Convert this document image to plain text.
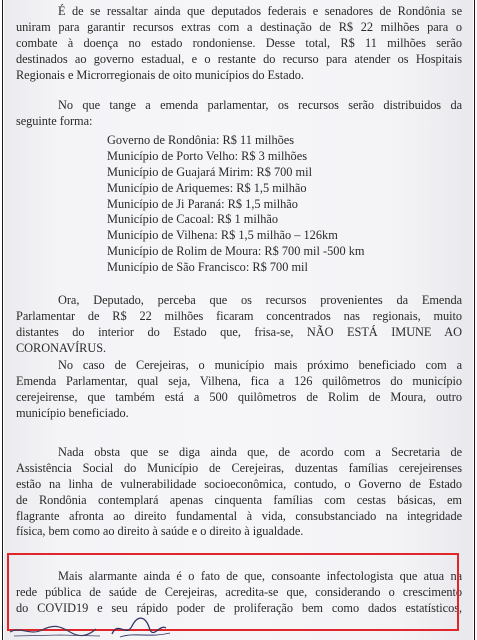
É de se ressaltar ainda que deputados federais e senadores de Rondônia se
uniram para garantir recursos extras com a destinação de R$ 22 milhões para o
combate à doença no estado rondoniense. Desse total, R$ 11 milhões serão
destinados ao governo estadual, e o restante do recurso para atender os Hospitais
Regionais e Microrregionais de oito municípios do Estado.
No que tange a emenda parlamentar, os recursos serão distribuidos da
seguinte forma:
Governo de Rondônia: R$ 11 milhões
Município de Porto Velho: R$ 3 milhões
Município de Guajará Mirim: R$ 700 mil
Município de Ariquemes: R$ 1,5 milhão
Município de Ji Paraná: R$ 1,5 milhão
Município de Cacoal: R$ 1 milhão
Município de Vilhena: R$ 1,5 milhão – 126km
Município de Rolim de Moura: R$ 700 mil -500 km
Município de São Francisco: R$ 700 mil
Ora, Deputado, perceba que os recursos provenientes da Emenda
Parlamentar de R$ 22 milhões ficaram concentrados nas regionais, muito
distantes do interior do Estado que, frisa-se, NÃO ESTÁ IMUNE AO
CORONAVÍRUS.
No caso de Cerejeiras, o município mais próximo beneficiado com a
Emenda Parlamentar, qual seja, Vilhena, fica a 126 quilômetros do município
cerejeirense, que também está a 500 quilômetros de Rolim de Moura, outro
município beneficiado.
Nada obsta que se diga ainda que, de acordo com a Secretaria de
Assistência Social do Município de Cerejeiras, duzentas famílias cerejeirenses
estão na linha de vulnerabilidade socioeconômica, contudo, o Governo de Estado
de Rondônia contemplará apenas cinquenta famílias com cestas básicas, em
flagrante afronta ao direito fundamental à vida, consubstanciado na integridade
física, bem como ao direito à saúde e o direito à igualdade.
Mais alarmante ainda é o fato de que, consoante infectologista que atua na
rede pública de saúde de Cerejeiras, acredita-se que, considerando o crescimento
do COVID19 e seu rápido poder de proliferação bem como dados estatísticos,
